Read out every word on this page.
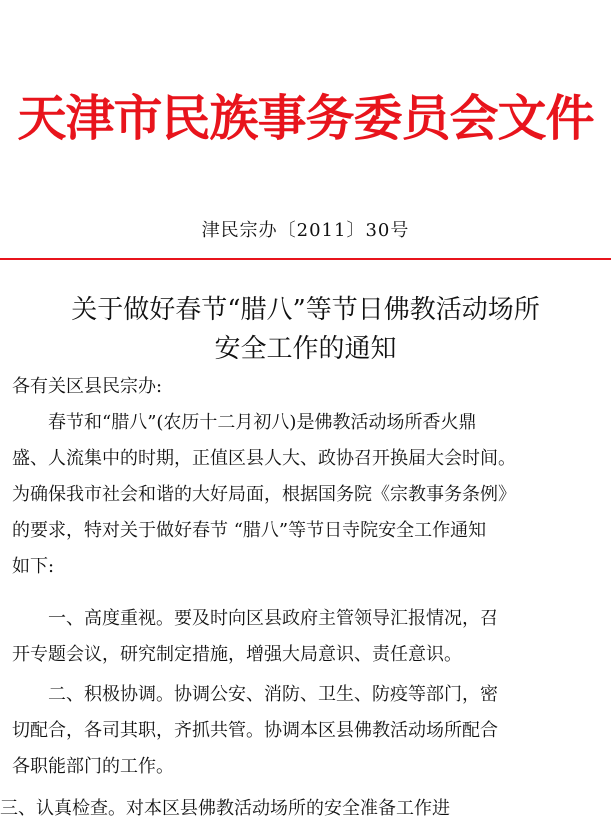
天津市民族事务委员会文件
津民宗办〔2011〕30号
关于做好春节“腊八”等节日佛教活动场所
安全工作的通知
各有关区县民宗办:
春节和“腊八”(农历十二月初八)是佛教活动场所香火鼎
盛、人流集中的时期，正值区县人大、政协召开换届大会时间。
为确保我市社会和谐的大好局面，根据国务院《宗教事务条例》
的要求，特对关于做好春节 “腊八”等节日寺院安全工作通知
如下:
一、高度重视。要及时向区县政府主管领导汇报情况，召
开专题会议，研究制定措施，增强大局意识、责任意识。
二、积极协调。协调公安、消防、卫生、防疫等部门，密
切配合，各司其职，齐抓共管。协调本区县佛教活动场所配合
各职能部门的工作。
三、认真检查。对本区县佛教活动场所的安全准备工作进
